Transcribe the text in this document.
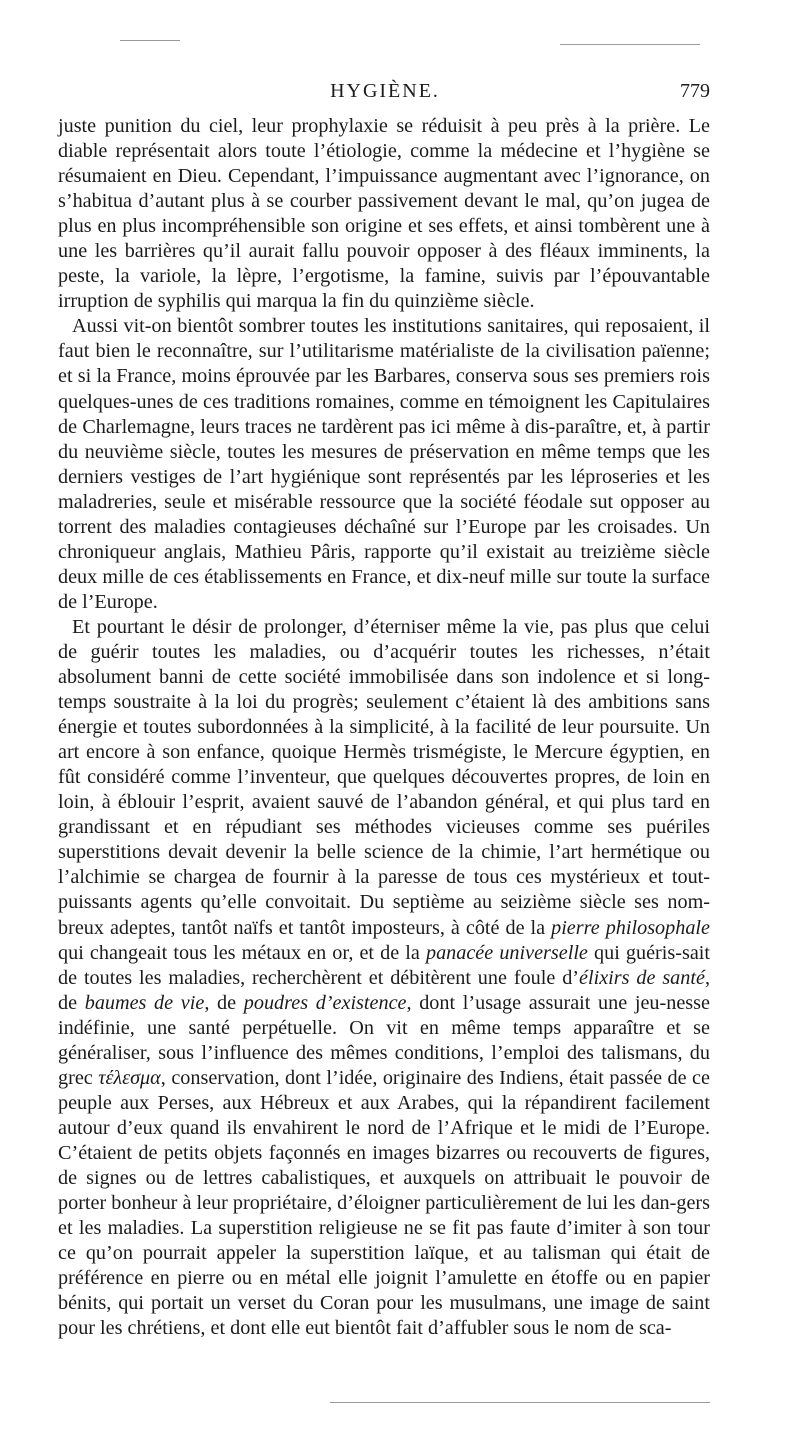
HYGIÈNE.	779

juste punition du ciel, leur prophylaxie se réduisit à peu près à la prière. Le diable représentait alors toute l’étiologie, comme la médecine et l’hygiène se résumaient en Dieu. Cependant, l’impuissance augmentant avec l’ignorance, on s’habitua d’autant plus à se courber passivement devant le mal, qu’on jugea de plus en plus incompréhensible son origine et ses effets, et ainsi tombèrent une à une les barrières qu’il aurait fallu pouvoir opposer à des fléaux imminents, la peste, la variole, la lèpre, l’ergotisme, la famine, suivis par l’épouvantable irruption de syphilis qui marqua la fin du quinzième siècle.

Aussi vit-on bientôt sombrer toutes les institutions sanitaires, qui reposaient, il faut bien le reconnaître, sur l’utilitarisme matérialiste de la civilisation païenne; et si la France, moins éprouvée par les Barbares, conserva sous ses premiers rois quelques-unes de ces traditions romaines, comme en témoignent les Capitulaires de Charlemagne, leurs traces ne tardèrent pas ici même à dis-paraître, et, à partir du neuvième siècle, toutes les mesures de préservation en même temps que les derniers vestiges de l’art hygiénique sont représentés par les léproseries et les maladreries, seule et misérable ressource que la société féodale sut opposer au torrent des maladies contagieuses déchaîné sur l’Europe par les croisades. Un chroniqueur anglais, Mathieu Pâris, rapporte qu’il existait au treizième siècle deux mille de ces établissements en France, et dix-neuf mille sur toute la surface de l’Europe.

Et pourtant le désir de prolonger, d’éterniser même la vie, pas plus que celui de guérir toutes les maladies, ou d’acquérir toutes les richesses, n’était absolument banni de cette société immobilisée dans son indolence et si long-temps soustraite à la loi du progrès; seulement c’étaient là des ambitions sans énergie et toutes subordonnées à la simplicité, à la facilité de leur poursuite. Un art encore à son enfance, quoique Hermès trismégiste, le Mercure égyptien, en fût considéré comme l’inventeur, que quelques découvertes propres, de loin en loin, à éblouir l’esprit, avaient sauvé de l’abandon général, et qui plus tard en grandissant et en répudiant ses méthodes vicieuses comme ses puériles superstitions devait devenir la belle science de la chimie, l’art hermétique ou l’alchimie se chargea de fournir à la paresse de tous ces mystérieux et tout-puissants agents qu’elle convoitait. Du septième au seizième siècle ses nom-breux adeptes, tantôt naïfs et tantôt imposteurs, à côté de la pierre philosophale qui changeait tous les métaux en or, et de la panacée universelle qui guéris-sait de toutes les maladies, recherchèrent et débitèrent une foule d’élixirs de santé, de baumes de vie, de poudres d’existence, dont l’usage assurait une jeu-nesse indéfinie, une santé perpétuelle. On vit en même temps apparaître et se généraliser, sous l’influence des mêmes conditions, l’emploi des talismans, du grec τέλεσμα, conservation, dont l’idée, originaire des Indiens, était passée de ce peuple aux Perses, aux Hébreux et aux Arabes, qui la répandirent facilement autour d’eux quand ils envahirent le nord de l’Afrique et le midi de l’Europe. C’étaient de petits objets façonnés en images bizarres ou recouverts de figures, de signes ou de lettres cabalistiques, et auxquels on attribuait le pouvoir de porter bonheur à leur propriétaire, d’éloigner particulièrement de lui les dan-gers et les maladies. La superstition religieuse ne se fit pas faute d’imiter à son tour ce qu’on pourrait appeler la superstition laïque, et au talisman qui était de préférence en pierre ou en métal elle joignit l’amulette en étoffe ou en papier bénits, qui portait un verset du Coran pour les musulmans, une image de saint pour les chrétiens, et dont elle eut bientôt fait d’affubler sous le nom de sca-
